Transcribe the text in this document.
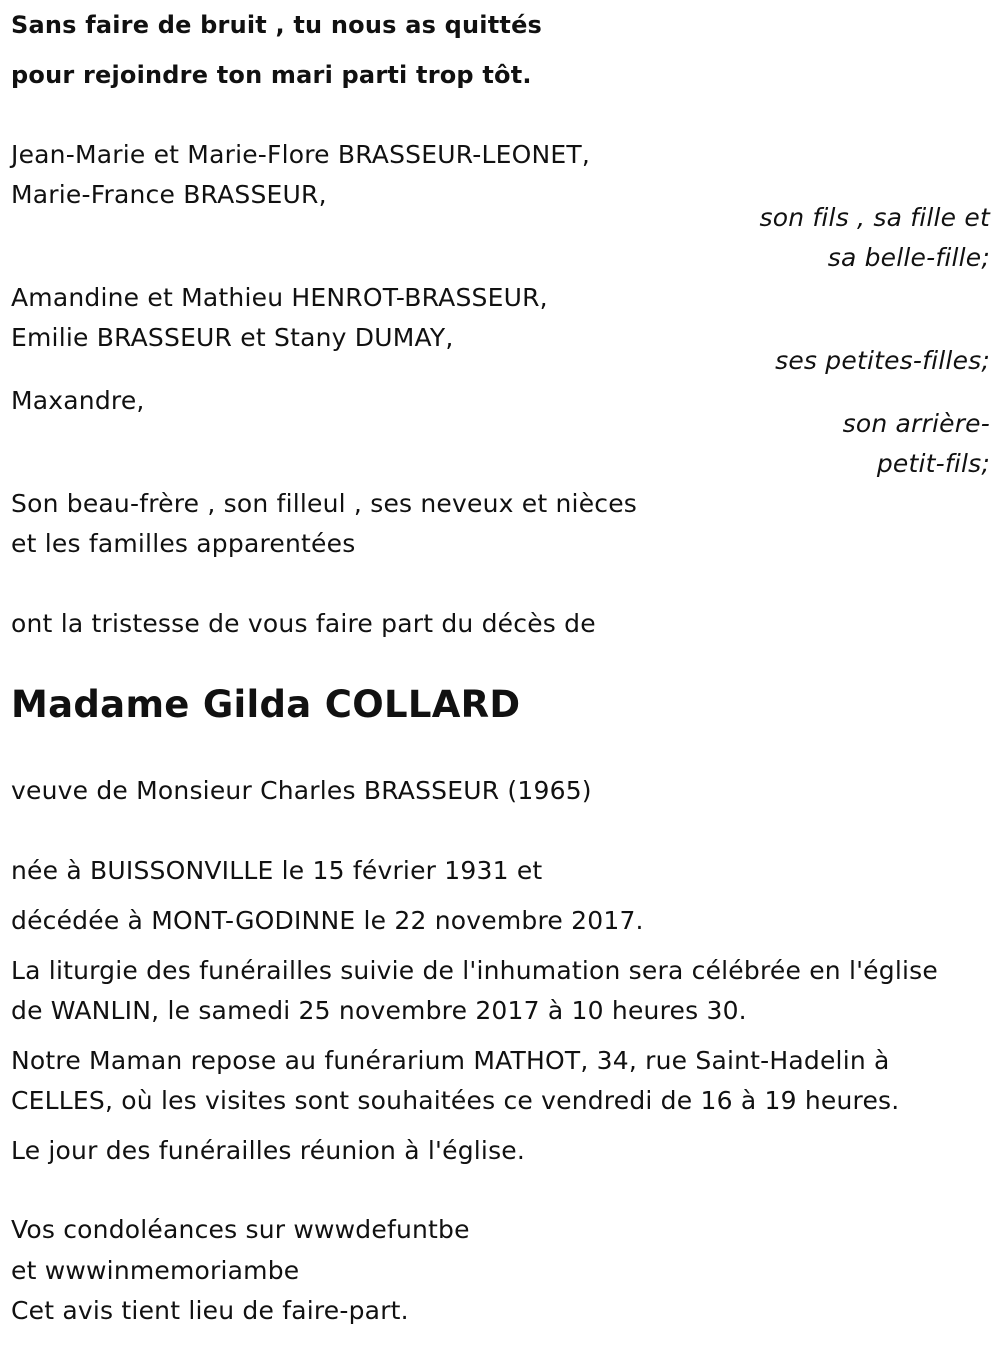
Sans faire de bruit , tu nous as quittés
pour rejoindre ton mari parti trop tôt.
Jean-Marie et Marie-Flore BRASSEUR-LEONET,
Marie-France BRASSEUR,
son fils , sa fille et
sa belle-fille;
Amandine et Mathieu HENROT-BRASSEUR,
Emilie BRASSEUR et Stany DUMAY,
ses petites-filles;
Maxandre,
son arrière-
petit-fils;
Son beau-frère , son filleul , ses neveux et nièces
et les familles apparentées
ont la tristesse de vous faire part du décès de
Madame Gilda COLLARD
veuve de Monsieur Charles BRASSEUR (1965)
née à BUISSONVILLE le 15 février 1931 et
décédée à MONT-GODINNE le 22 novembre 2017.
La liturgie des funérailles suivie de l'inhumation sera célébrée en l'église
de WANLIN, le samedi 25 novembre 2017 à 10 heures 30.
Notre Maman repose au funérarium MATHOT, 34, rue Saint-Hadelin à
CELLES, où les visites sont souhaitées ce vendredi de 16 à 19 heures.
Le jour des funérailles réunion à l'église.
Vos condoléances sur wwwdefuntbe
et wwwinmemoriambe
Cet avis tient lieu de faire-part.
